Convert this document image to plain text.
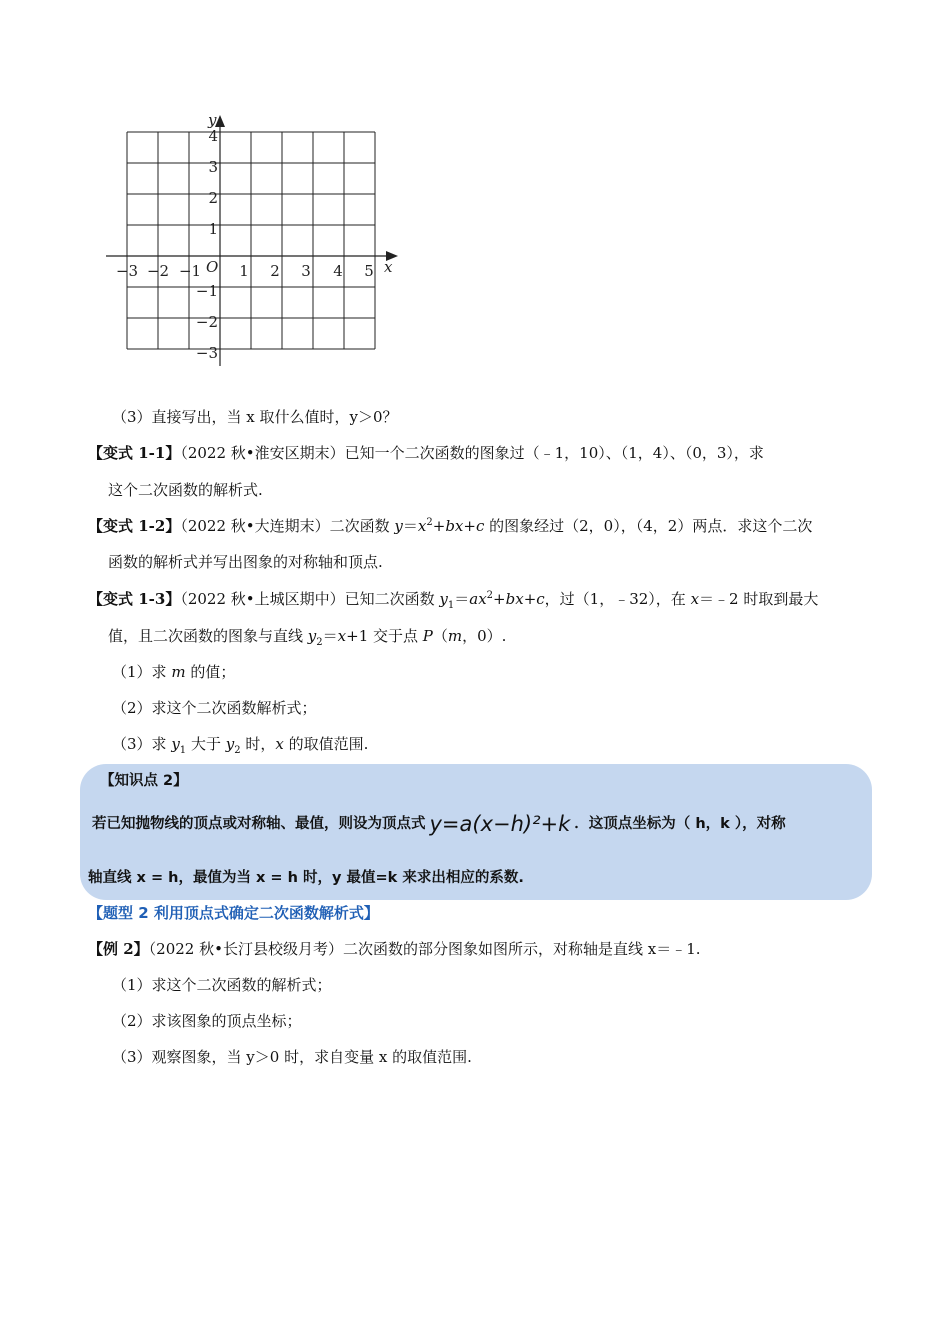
y
x
O
−3 −2 −1	1 2 3 4 5
4
3
2
1
−1
−2
−3
（3）直接写出，当 x 取什么值时，y＞0？
【变式 1-1】（2022 秋•淮安区期末）已知一个二次函数的图象过（﹣1，10）、（1，4）、（0，3），求
这个二次函数的解析式.
【变式 1-2】（2022 秋•大连期末）二次函数 $y=x^2+bx+c$ 的图象经过（2，0），（4，2）两点．求这个二次
函数的解析式并写出图象的对称轴和顶点.
【变式 1-3】（2022 秋•上城区期中）已知二次函数 $y_1=ax^2+bx+c$，过（1，﹣32），在 x＝﹣2 时取到最大
值，且二次函数的图象与直线 $y_2=x+1$ 交于点 P（m，0）.
（1）求 m 的值；
（2）求这个二次函数解析式；
（3）求 $y_1$ 大于 $y_2$ 时，x 的取值范围.
【知识点 2】
若已知抛物线的顶点或对称轴、最值，则设为顶点式 y=a(x−h)²+k ．这顶点坐标为（ h，k ），对称
轴直线 x = h，最值为当 x = h 时，y 最值=k 来求出相应的系数.
【题型 2 利用顶点式确定二次函数解析式】
【例 2】（2022 秋•长汀县校级月考）二次函数的部分图象如图所示，对称轴是直线 x＝﹣1.
（1）求这个二次函数的解析式；
（2）求该图象的顶点坐标；
（3）观察图象，当 y＞0 时，求自变量 x 的取值范围.
